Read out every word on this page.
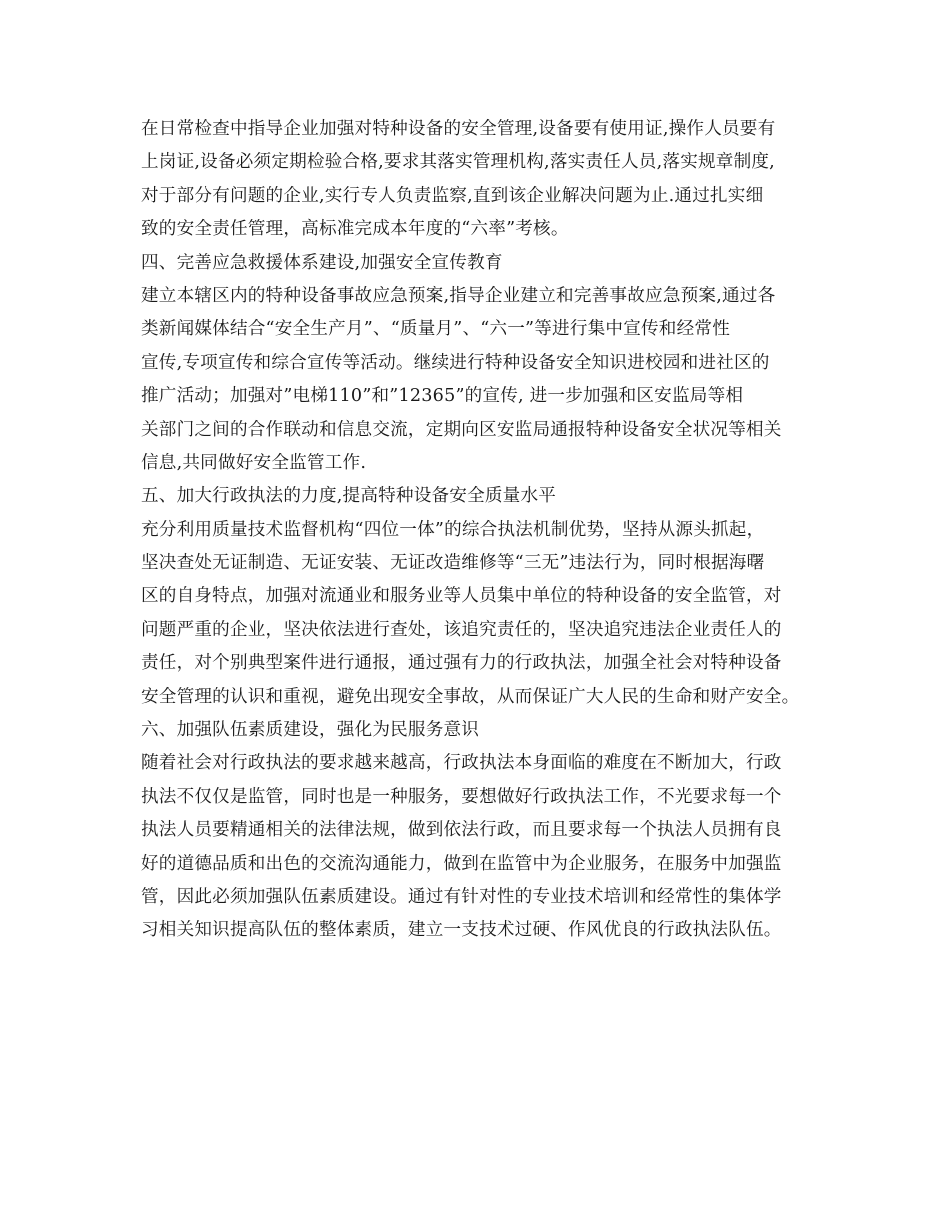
在日常检查中指导企业加强对特种设备的安全管理,设备要有使用证,操作人员要有
上岗证,设备必须定期检验合格,要求其落实管理机构,落实责任人员,落实规章制度,
对于部分有问题的企业,实行专人负责监察,直到该企业解决问题为止.通过扎实细
致的安全责任管理，高标准完成本年度的“六率”考核。
四、完善应急救援体系建设,加强安全宣传教育
建立本辖区内的特种设备事故应急预案,指导企业建立和完善事故应急预案,通过各
类新闻媒体结合“安全生产月”、“质量月”、“六一”等进行集中宣传和经常性
宣传,专项宣传和综合宣传等活动。继续进行特种设备安全知识进校园和进社区的
推广活动；加强对”电梯110”和”12365”的宣传, 进一步加强和区安监局等相
关部门之间的合作联动和信息交流，定期向区安监局通报特种设备安全状况等相关
信息,共同做好安全监管工作.
五、加大行政执法的力度,提高特种设备安全质量水平
充分利用质量技术监督机构“四位一体”的综合执法机制优势，坚持从源头抓起，
坚决查处无证制造、无证安装、无证改造维修等“三无”违法行为，同时根据海曙
区的自身特点，加强对流通业和服务业等人员集中单位的特种设备的安全监管，对
问题严重的企业，坚决依法进行查处，该追究责任的，坚决追究违法企业责任人的
责任，对个别典型案件进行通报，通过强有力的行政执法，加强全社会对特种设备
安全管理的认识和重视，避免出现安全事故，从而保证广大人民的生命和财产安全。
六、加强队伍素质建设，强化为民服务意识
随着社会对行政执法的要求越来越高，行政执法本身面临的难度在不断加大，行政
执法不仅仅是监管，同时也是一种服务，要想做好行政执法工作，不光要求每一个
执法人员要精通相关的法律法规，做到依法行政，而且要求每一个执法人员拥有良
好的道德品质和出色的交流沟通能力，做到在监管中为企业服务，在服务中加强监
管，因此必须加强队伍素质建设。通过有针对性的专业技术培训和经常性的集体学
习相关知识提高队伍的整体素质，建立一支技术过硬、作风优良的行政执法队伍。
